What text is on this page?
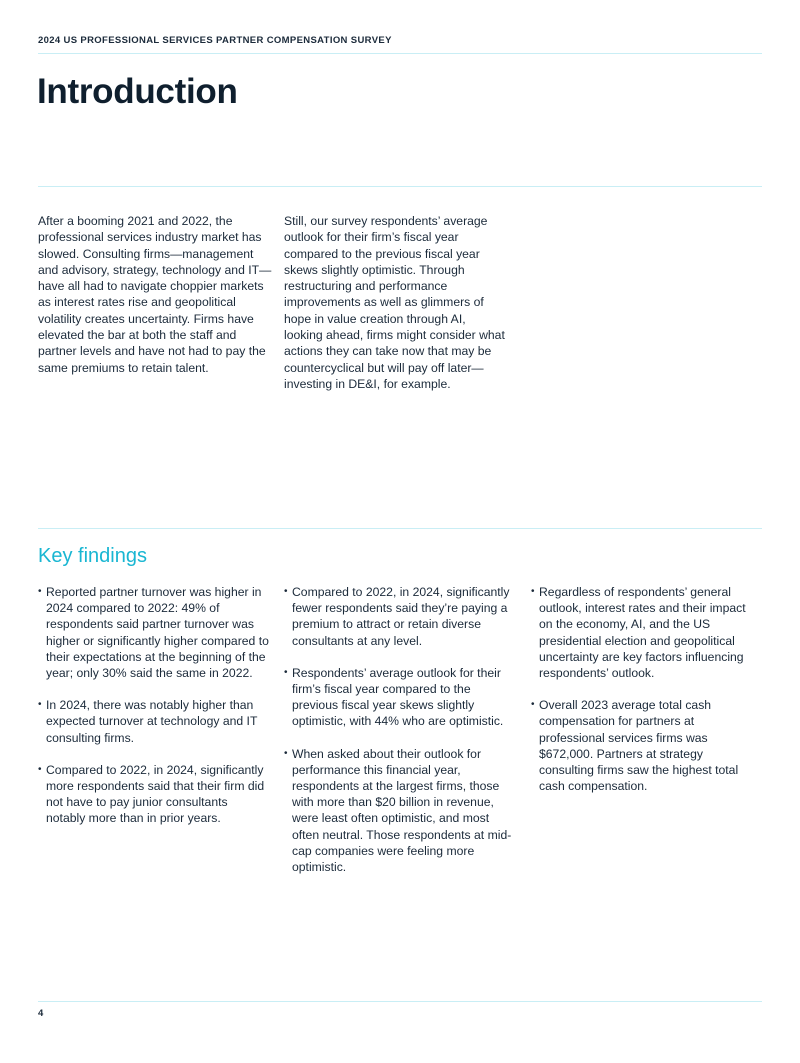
2024 US PROFESSIONAL SERVICES PARTNER COMPENSATION SURVEY
Introduction

After a booming 2021 and 2022, the professional services industry market has slowed. Consulting firms—management and advisory, strategy, technology and IT—have all had to navigate choppier markets as interest rates rise and geopolitical volatility creates uncertainty. Firms have elevated the bar at both the staff and partner levels and have not had to pay the same premiums to retain talent.

Still, our survey respondents’ average outlook for their firm’s fiscal year compared to the previous fiscal year skews slightly optimistic. Through restructuring and performance improvements as well as glimmers of hope in value creation through AI, looking ahead, firms might consider what actions they can take now that may be countercyclical but will pay off later—investing in DE&I, for example.

Key findings
• Reported partner turnover was higher in 2024 compared to 2022: 49% of respondents said partner turnover was higher or significantly higher compared to their expectations at the beginning of the year; only 30% said the same in 2022.
• In 2024, there was notably higher than expected turnover at technology and IT consulting firms.
• Compared to 2022, in 2024, significantly more respondents said that their firm did not have to pay junior consultants notably more than in prior years.
• Compared to 2022, in 2024, significantly fewer respondents said they’re paying a premium to attract or retain diverse consultants at any level.
• Respondents’ average outlook for their firm’s fiscal year compared to the previous fiscal year skews slightly optimistic, with 44% who are optimistic.
• When asked about their outlook for performance this financial year, respondents at the largest firms, those with more than $20 billion in revenue, were least often optimistic, and most often neutral. Those respondents at mid-cap companies were feeling more optimistic.
• Regardless of respondents’ general outlook, interest rates and their impact on the economy, AI, and the US presidential election and geopolitical uncertainty are key factors influencing respondents’ outlook.
• Overall 2023 average total cash compensation for partners at professional services firms was $672,000. Partners at strategy consulting firms saw the highest total cash compensation.
4
